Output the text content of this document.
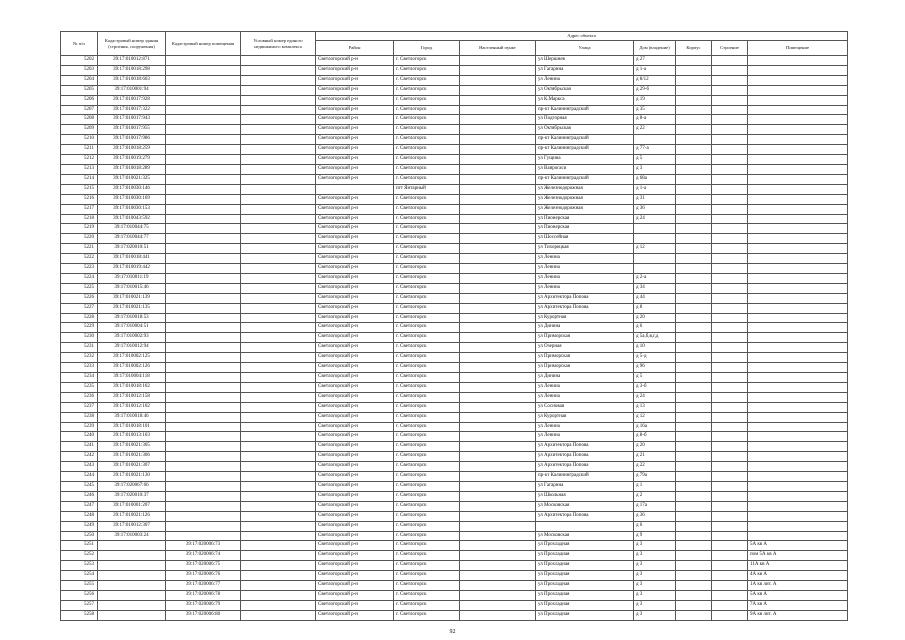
№ п/п	Кадастровый номер здания (строения, сооружения)	Кадастровый номер помещения	Условный номер единого недвижимого комплекса	Адрес объекта							
				Район	Город	Населенный пункт	Улица	Дом (владение)	Корпус	Строение	Помещение
5202	39:17:010012:871			Светлогорский р-н	г. Светлогорск		ул Шершнев	д 27			
5203	39:17:010018:298			Светлогорский р-н	г. Светлогорск		ул Гагарина	д 1-а			
5204	39:17:010018:603			Светлогорский р-н	г. Светлогорск		ул Ленина	д 8/12			
5205	39:17:010001:94			Светлогорский р-н	г. Светлогорск		ул Октябрьская	д 29-б			
5206	39:17:010017:928			Светлогорский р-н	г. Светлогорск		ул К.Маркса	д 19			
5207	39:17:010017:322			Светлогорский р-н	г. Светлогорск		пр-кт Калининградский	д 35			
5208	39:17:010017:943			Светлогорский р-н	г. Светлогорск		ул Подгорная	д 8-а			
5209	39:17:010017:955			Светлогорский р-н	г. Светлогорск		ул Октябрьская	д 22			
5210	39:17:010017:986			Светлогорский р-н	г. Светлогорск		пр-кт Калининградский				
5211	39:17:010018:259			Светлогорский р-н	г. Светлогорск		пр-кт Калининградский	д 77-а			
5212	39:17:010019:279			Светлогорский р-н	г. Светлогорск		ул Гущина	д 5			
5213	39:17:010018:289			Светлогорский р-н	г. Светлогорск		ул Ваирогаси	д 3			
5214	39:17:010021:325			Светлогорский р-н	г. Светлогорск		пр-кт Калининградский	д 68а			
5215	39:17:010030:146				пгт Янтарный		ул Железнодорожная	д 1-а			
5216	39:17:010030:169			Светлогорский р-н	г. Светлогорск		ул Железнодорожная	д 31			
5217	39:17:010030:153			Светлогорский р-н	г. Светлогорск		ул Железнодорожная	д 36			
5218	39:17:010043:592			Светлогорский р-н	г. Светлогорск		ул Пионерская	д 24			
5219	39:17:010044:75			Светлогорский р-н	г. Светлогорск		ул Пионерская				
5220	39:17:010044:77			Светлогорский р-н	г. Светлогорск		ул Шоссейная				
5221	39:17:020010:51			Светлогорский р-н	г. Светлогорск		ул Тихорецкая	д 12			
5222	39:17:010018:441			Светлогорский р-н	г. Светлогорск		ул Ленина				
5223	39:17:010019:442			Светлогорский р-н	г. Светлогорск		ул Ленина				
5224	39:17:010011:19			Светлогорский р-н	г. Светлогорск		ул Ленина	д 2-а			
5225	39:17:010015:46			Светлогорский р-н	г. Светлогорск		ул Ленина	д 34			
5226	39:17:010021:139			Светлогорский р-н	г. Светлогорск		ул Архитектора Попова	д 44			
5227	39:17:010021:135			Светлогорский р-н	г. Светлогорск		ул Архитектора Попова	д 8			
5228	39:17:010018:53			Светлогорский р-н	г. Светлогорск		ул Курортная	д 20			
5229	39:17:010004:51			Светлогорский р-н	г. Светлогорск		ул Динина	д 6			
5230	39:17:010002:93			Светлогорский р-н	г. Светлогорск		ул Приморская	д 5а,б,в,г,д			
5231	39:17:010012:94			Светлогорский р-н	г. Светлогорск		ул Озерная	д 10			
5232	39:17:010002:125			Светлогорский р-н	г. Светлогорск		ул Приморская	д 5-д			
5233	39:17:010002:126			Светлогорский р-н	г. Светлогорск		ул Приморская	д 96			
5234	39:17:010004:118			Светлогорский р-н	г. Светлогорск		ул Динина	д 5			
5235	39:17:010018:102			Светлогорский р-н	г. Светлогорск		ул Ленина	д 3-б			
5236	39:17:010012:158			Светлогорский р-н	г. Светлогорск		ул Ленина	д 24			
5237	39:17:010012:102			Светлогорский р-н	г. Светлогорск		ул Сосновая	д 13			
5238	39:17:010018:46			Светлогорский р-н	г. Светлогорск		ул Курортная	д 12			
5239	39:17:010018:101			Светлогорский р-н	г. Светлогорск		ул Ленина	д 16а			
5240	39:17:010013:103			Светлогорский р-н	г. Светлогорск		ул Ленина	д 8-б			
5241	39:17:010021:305			Светлогорский р-н	г. Светлогорск		ул Архитектора Попова	д 20			
5242	39:17:010021:306			Светлогорский р-н	г. Светлогорск		ул Архитектора Попова	д 21			
5243	39:17:010021:307			Светлогорский р-н	г. Светлогорск		ул Архитектора Попова	д 22			
5244	39:17:010021:130			Светлогорский р-н	г. Светлогорск		пр-кт Калининградский	д 79а			
5245	39:17:020067:66			Светлогорский р-н	г. Светлогорск		ул Гагарина	д 1			
5246	39:17:020010:37			Светлогорский р-н	г. Светлогорск		ул Школьная	д 2			
5247	39:17:010001:207			Светлогорский р-н	г. Светлогорск		ул Московская	д 17а			
5248	39:17:010021:126			Светлогорский р-н	г. Светлогорск		ул Архитектора Попова	д 36			
5249	39:17:010012:307			Светлогорский р-н	г. Светлогорск			д 6			
5250	39:17:010003:24			Светлогорский р-н	г. Светлогорск		ул Московская	д 9			
5251		39:17:020006:73		Светлогорский р-н	г. Светлогорск		ул Прохладная	д 3			5А кв А
5252		39:17:020006:74		Светлогорский р-н	г. Светлогорск		ул Прохладная	д 3			пом 5А кв А
5253		39:17:020006:75		Светлогорский р-н	г. Светлогорск		ул Прохладная	д 3			11А кв А
5254		39:17:020006:76		Светлогорский р-н	г. Светлогорск		ул Прохладная	д 3			4А кв А
5255		39:17:020006:77		Светлогорский р-н	г. Светлогорск		ул Прохладная	д 3			1А кв лит. А
5256		39:17:020006:78		Светлогорский р-н	г. Светлогорск		ул Прохладная	д 3			5А кв А
5257		39:17:020006:79		Светлогорский р-н	г. Светлогорск		ул Прохладная	д 3			7А кв А
5258		39:17:020006:80		Светлогорский р-н	г. Светлогорск		ул Прохладная	д 3			9А кв лит. А
92
